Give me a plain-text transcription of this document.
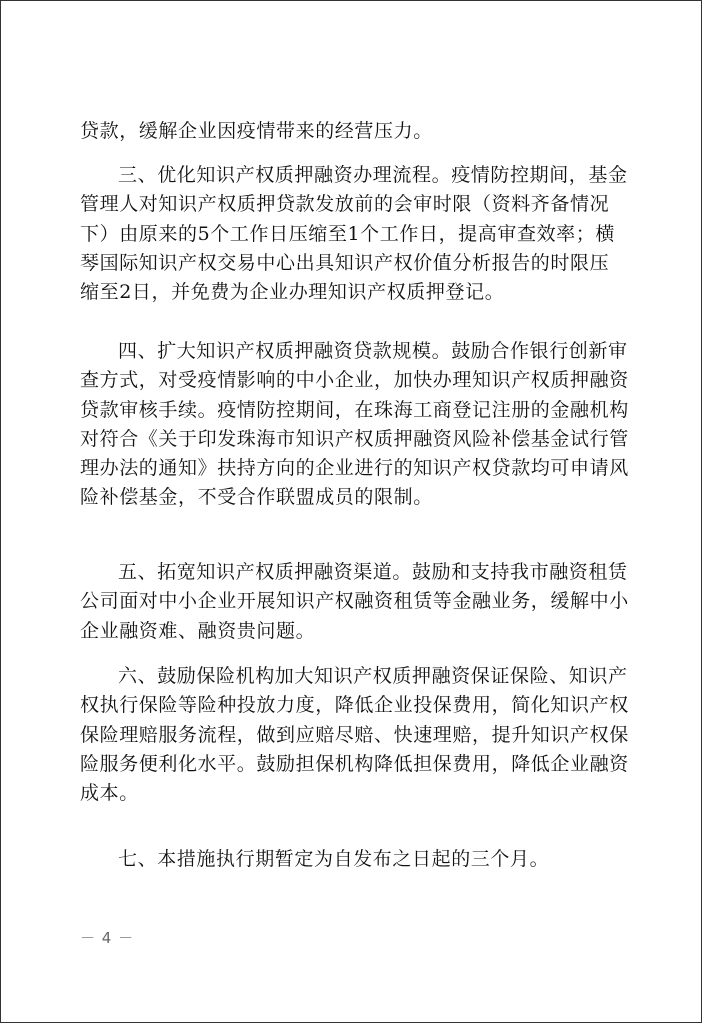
贷款，缓解企业因疫情带来的经营压力。
三、优化知识产权质押融资办理流程。疫情防控期间，基金
管理人对知识产权质押贷款发放前的会审时限（资料齐备情况
下）由原来的5个工作日压缩至1个工作日，提高审查效率；横
琴国际知识产权交易中心出具知识产权价值分析报告的时限压
缩至2日，并免费为企业办理知识产权质押登记。
四、扩大知识产权质押融资贷款规模。鼓励合作银行创新审
查方式，对受疫情影响的中小企业，加快办理知识产权质押融资
贷款审核手续。疫情防控期间，在珠海工商登记注册的金融机构
对符合《关于印发珠海市知识产权质押融资风险补偿基金试行管
理办法的通知》扶持方向的企业进行的知识产权贷款均可申请风
险补偿基金，不受合作联盟成员的限制。
五、拓宽知识产权质押融资渠道。鼓励和支持我市融资租赁
公司面对中小企业开展知识产权融资租赁等金融业务，缓解中小
企业融资难、融资贵问题。
六、鼓励保险机构加大知识产权质押融资保证保险、知识产
权执行保险等险种投放力度，降低企业投保费用，简化知识产权
保险理赔服务流程，做到应赔尽赔、快速理赔，提升知识产权保
险服务便利化水平。鼓励担保机构降低担保费用，降低企业融资
成本。
七、本措施执行期暂定为自发布之日起的三个月。
－ 4 －
